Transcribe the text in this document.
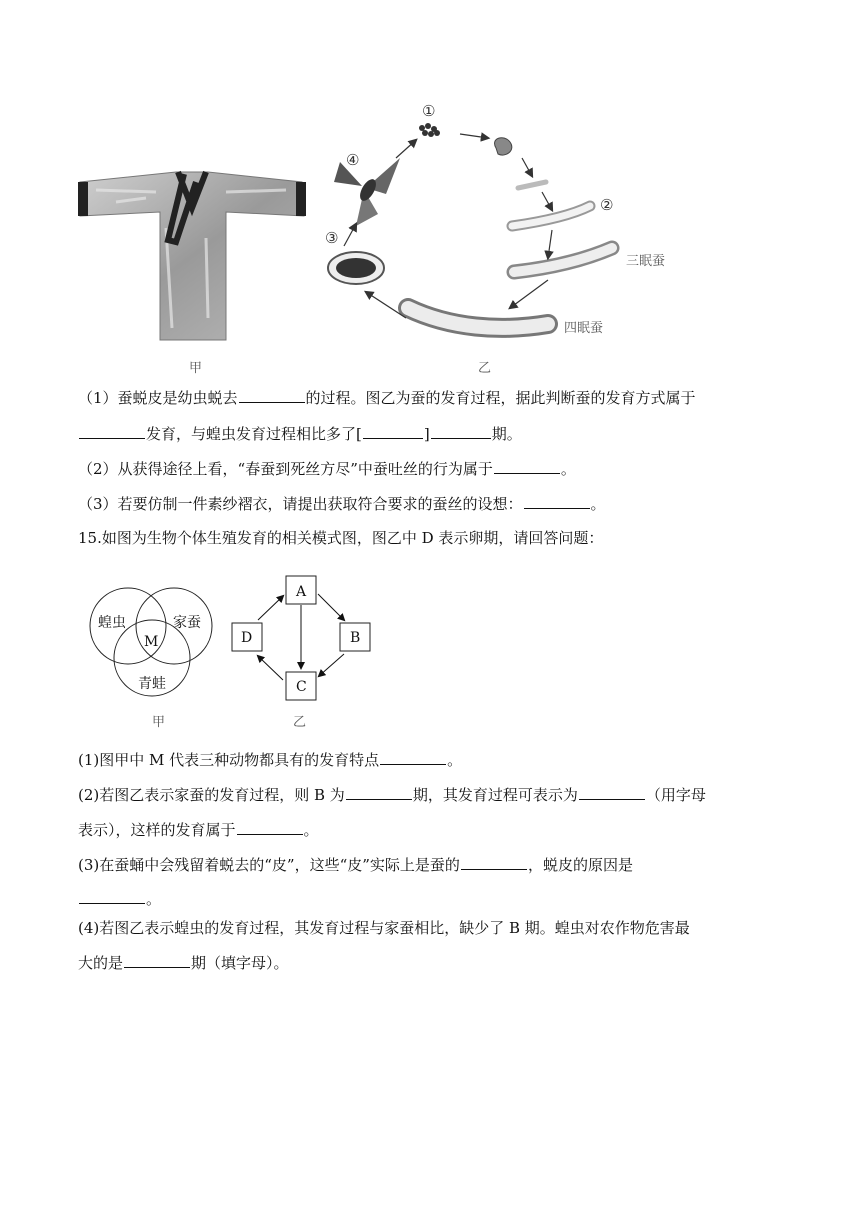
甲
①
②
③
④
三眠蚕
四眠蚕
乙
（1）蚕蜕皮是幼虫蜕去	的过程。图乙为蚕的发育过程，据此判断蚕的发育方式属于
发育，与蝗虫发育过程相比多了[	]	期。
（2）从获得途径上看，“春蚕到死丝方尽”中蚕吐丝的行为属于	。
（3）若要仿制一件素纱褶衣，请提出获取符合要求的蚕丝的设想：	。
15.如图为生物个体生殖发育的相关模式图，图乙中 D 表示卵期，请回答问题：
蝗虫	家蚕
青蛙
M
甲
A
B
C
D
乙
(1)图甲中 M 代表三种动物都具有的发育特点	。
(2)若图乙表示家蚕的发育过程，则 B 为	期，其发育过程可表示为	（用字母
表示），这样的发育属于	。
(3)在蚕蛹中会残留着蜕去的“皮”，这些“皮”实际上是蚕的	，蜕皮的原因是
。
(4)若图乙表示蝗虫的发育过程，其发育过程与家蚕相比，缺少了 B 期。蝗虫对农作物危害最
大的是	期（填字母）。
